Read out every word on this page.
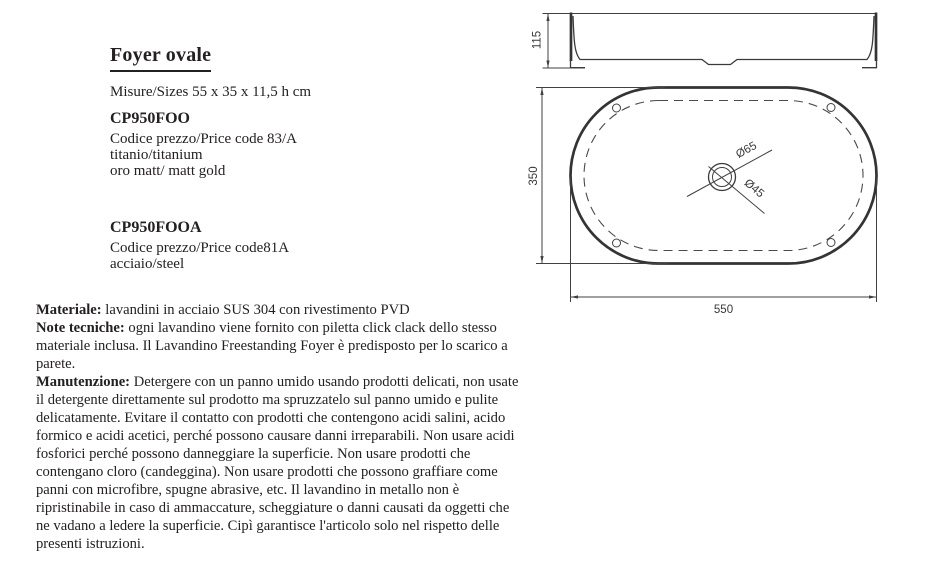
Foyer ovale

Misure/Sizes 55 x 35 x 11,5 h cm

CP950FOO

Codice prezzo/Price code 83/A

titanio/titanium

oro matt/ matt gold

CP950FOOA

Codice prezzo/Price code81A

acciaio/steel

Materiale: lavandini in acciaio SUS 304 con rivestimento PVD
Note tecniche: ogni lavandino viene fornito con piletta click clack dello stesso materiale inclusa. Il Lavandino Freestanding Foyer è predisposto per lo scarico a parete.
Manutenzione: Detergere con un panno umido usando prodotti delicati, non usate il detergente direttamente sul prodotto ma spruzzatelo sul panno umido e pulite delicatamente. Evitare il contatto con prodotti che contengono acidi salini, acido formico e acidi acetici, perché possono causare danni irreparabili. Non usare acidi fosforici perché possono danneggiare la superficie. Non usare prodotti che contengano cloro (candeggina). Non usare prodotti che possono graffiare come panni con microfibre, spugne abrasive, etc. Il lavandino in metallo non è ripristinabile in caso di ammaccature, scheggiature o danni causati da oggetti che ne vadano a ledere la superficie. Cipì garantisce l'articolo solo nel rispetto delle presenti istruzioni.
115
Ø65
Ø45
350
550
